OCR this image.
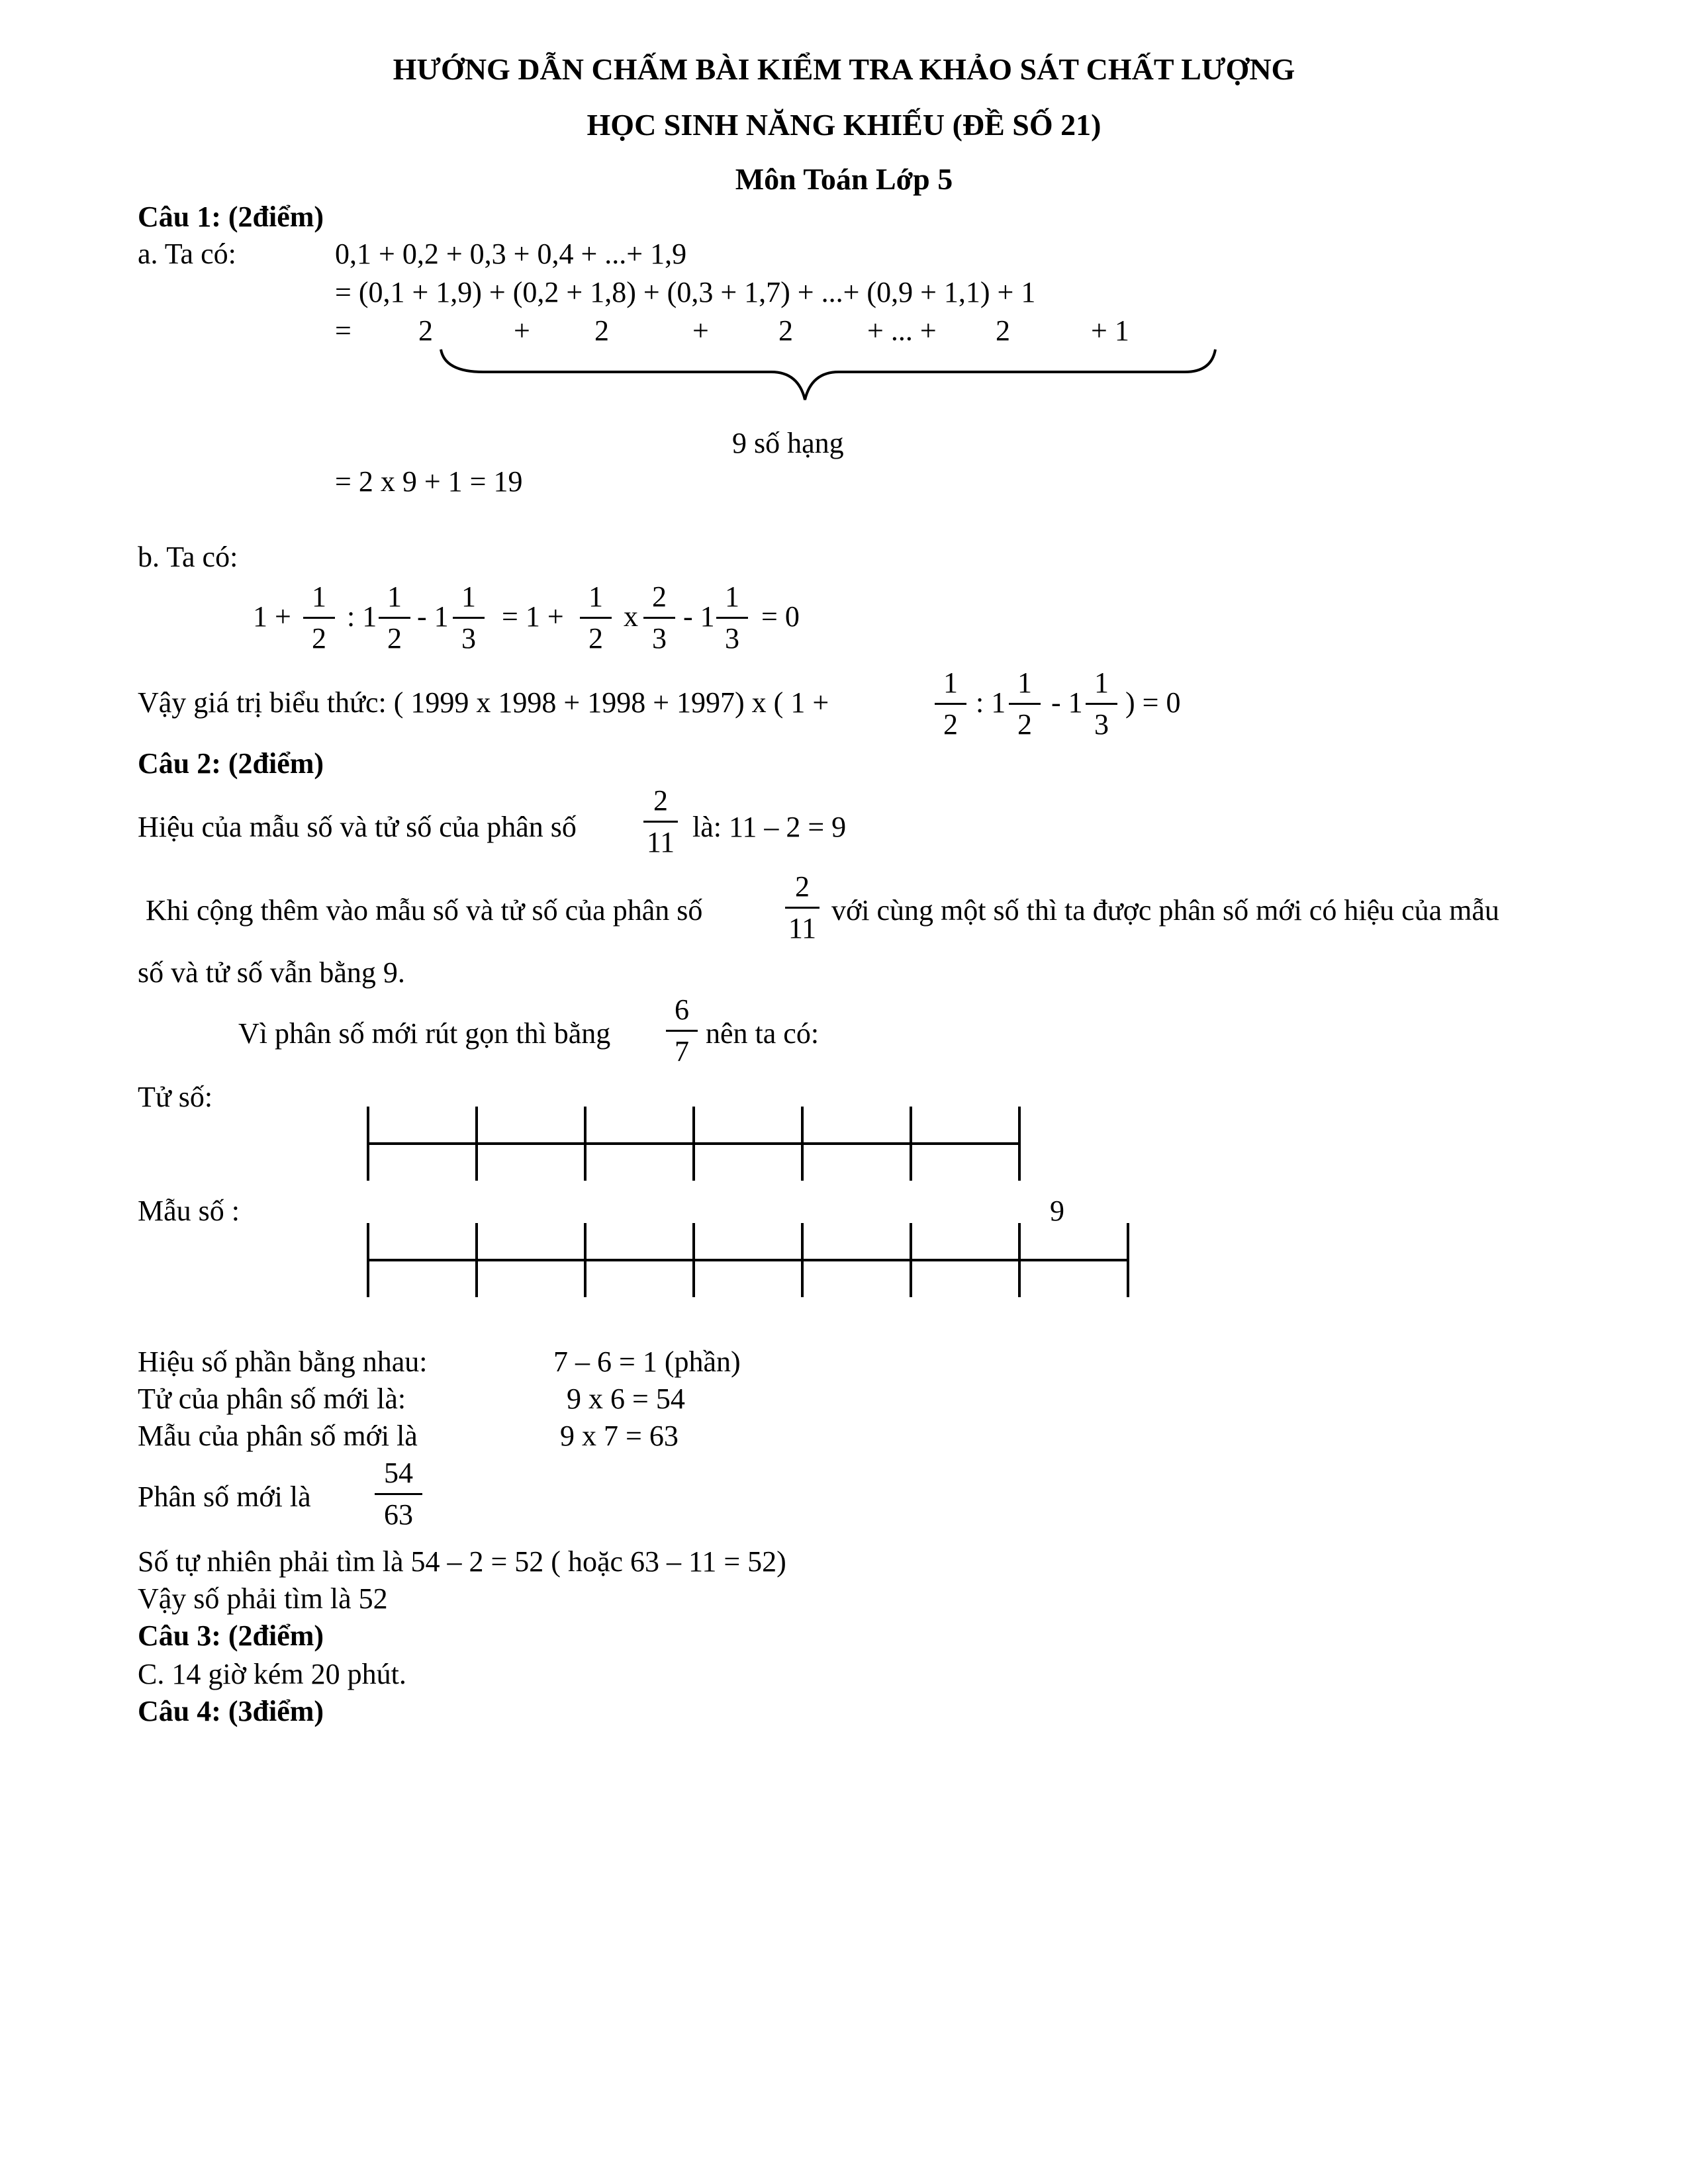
HƯỚNG DẪN CHẤM BÀI KIỂM TRA KHẢO SÁT CHẤT LƯỢNG
HỌC SINH NĂNG KHIẾU (ĐỀ SỐ 21)
Môn Toán Lớp 5
Câu 1: (2điểm)
a. Ta có:	0,1 + 0,2 + 0,3 + 0,4 + ...+ 1,9
= (0,1 + 1,9) + (0,2 + 1,8) + (0,3 + 1,7) + ...+ (0,9 + 1,1) + 1
= 2	+ 2	+ 2	+ ... + 2	+ 1
9 số hạng
= 2 x 9 + 1 = 19
b. Ta có:
1 +
1
2
: 1
1
2
- 1
1
3
= 1 +
1
2
x
2
3
- 1
1
3
= 0
Vậy giá trị biểu thức: ( 1999 x 1998 + 1998 + 1997) x ( 1 +
1
2
: 1
1
2
- 1
1
3
) = 0
Câu 2: (2điểm)
Hiệu của mẫu số và tử số của phân số
2
11 là: 11 – 2 = 9
Khi cộng thêm vào mẫu số và tử số của phân số
2
11
với cùng một số thì ta được phân số mới có hiệu của mẫu
số và tử số vẫn bằng 9.
Vì phân số mới rút gọn thì bằng
6
7
nên ta có:
Tử số:
Mẫu số :	9
Hiệu số phần bằng nhau:	7 – 6 = 1 (phần)
Tử của phân số mới là:	9 x 6 = 54
Mẫu của phân số mới là	9 x 7 = 63
Phân số mới là
54
63
Số tự nhiên phải tìm là 54 – 2 = 52 ( hoặc 63 – 11 = 52)
Vậy số phải tìm là 52
Câu 3: (2điểm)
C. 14 giờ kém 20 phút.
Câu 4: (3điểm)
